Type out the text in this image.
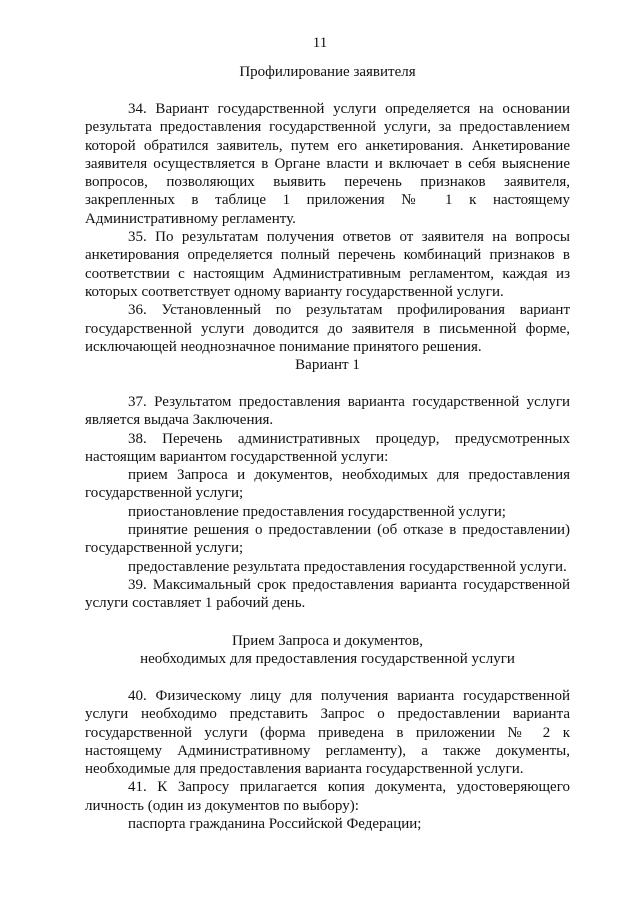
11
Профилирование заявителя

34. Вариант государственной услуги определяется на основании результата предоставления государственной услуги, за предоставлением которой обратился заявитель, путем его анкетирования. Анкетирование заявителя осуществляется в Органе власти и включает в себя выяснение вопросов, позволяющих выявить перечень признаков заявителя, закрепленных в таблице 1 приложения № 1 к настоящему Административному регламенту.

35. По результатам получения ответов от заявителя на вопросы анкетирования определяется полный перечень комбинаций признаков в соответствии с настоящим Административным регламентом, каждая из которых соответствует одному варианту государственной услуги.

36. Установленный по результатам профилирования вариант государственной услуги доводится до заявителя в письменной форме, исключающей неоднозначное понимание принятого решения.

Вариант 1

37. Результатом предоставления варианта государственной услуги является выдача Заключения.

38. Перечень административных процедур, предусмотренных настоящим вариантом государственной услуги:

прием Запроса и документов, необходимых для предоставления государственной услуги;

приостановление предоставления государственной услуги;

принятие решения о предоставлении (об отказе в предоставлении) государственной услуги;

предоставление результата предоставления государственной услуги.

39. Максимальный срок предоставления варианта государственной услуги составляет 1 рабочий день.

Прием Запроса и документов,
необходимых для предоставления государственной услуги

40. Физическому лицу для получения варианта государственной услуги необходимо представить Запрос о предоставлении варианта государственной услуги (форма приведена в приложении № 2 к настоящему Административному регламенту), а также документы, необходимые для предоставления варианта государственной услуги.

41. К Запросу прилагается копия документа, удостоверяющего личность (один из документов по выбору):

паспорта гражданина Российской Федерации;
